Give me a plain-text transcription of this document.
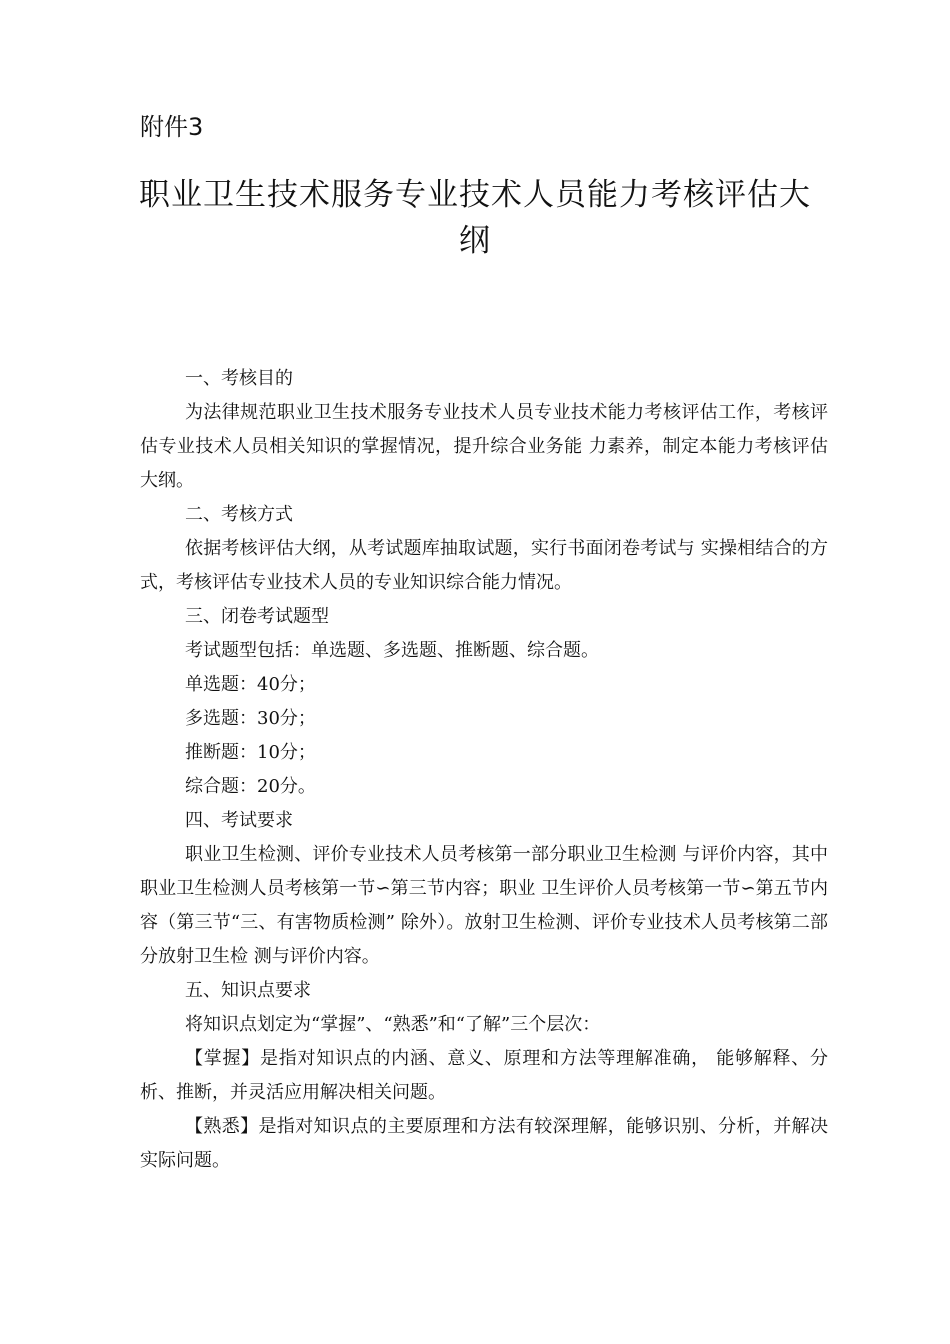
附件3
职业卫生技术服务专业技术人员能力考核评估大纲

一、考核目的

为法律规范职业卫生技术服务专业技术人员专业技术能力考核评估工作，考核评估专业技术人员相关知识的掌握情况，提升综合业务能 力素养，制定本能力考核评估大纲。

二、考核方式

依据考核评估大纲，从考试题库抽取试题，实行书面闭卷考试与 实操相结合的方式，考核评估专业技术人员的专业知识综合能力情况。

三、闭卷考试题型

考试题型包括：单选题、多选题、推断题、综合题。

单选题：40分；

多选题：30分；

推断题：10分；

综合题：20分。

四、考试要求

职业卫生检测、评价专业技术人员考核第一部分职业卫生检测 与评价内容，其中职业卫生检测人员考核第一节∽第三节内容；职业 卫生评价人员考核第一节∽第五节内容（第三节“三、有害物质检测” 除外）。放射卫生检测、评价专业技术人员考核第二部分放射卫生检 测与评价内容。

五、知识点要求

将知识点划定为“掌握”、“熟悉”和“了解”三个层次：

【掌握】是指对知识点的内涵、意义、原理和方法等理解准确， 能够解释、分析、推断，并灵活应用解决相关问题。

【熟悉】是指对知识点的主要原理和方法有较深理解，能够识别、分析，并解决实际问题。
